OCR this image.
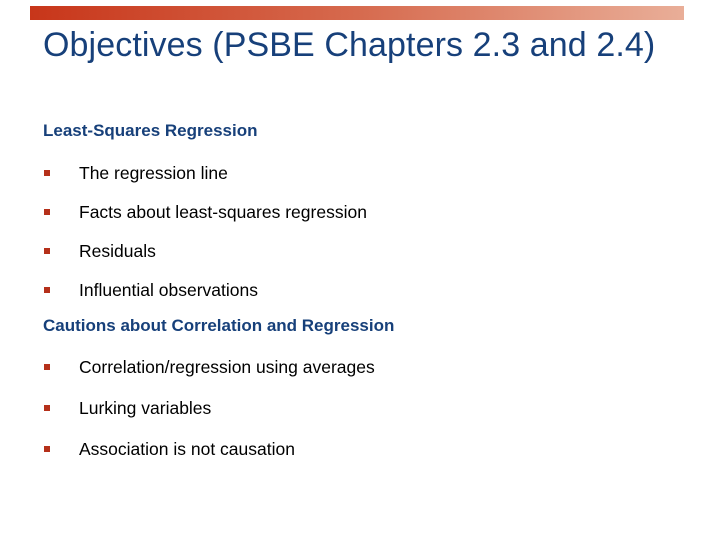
Objectives (PSBE Chapters 2.3 and 2.4)
Least-Squares Regression
The regression line
Facts about least-squares regression
Residuals
Influential observations
Cautions about Correlation and Regression
Correlation/regression using averages
Lurking variables
Association is not causation
